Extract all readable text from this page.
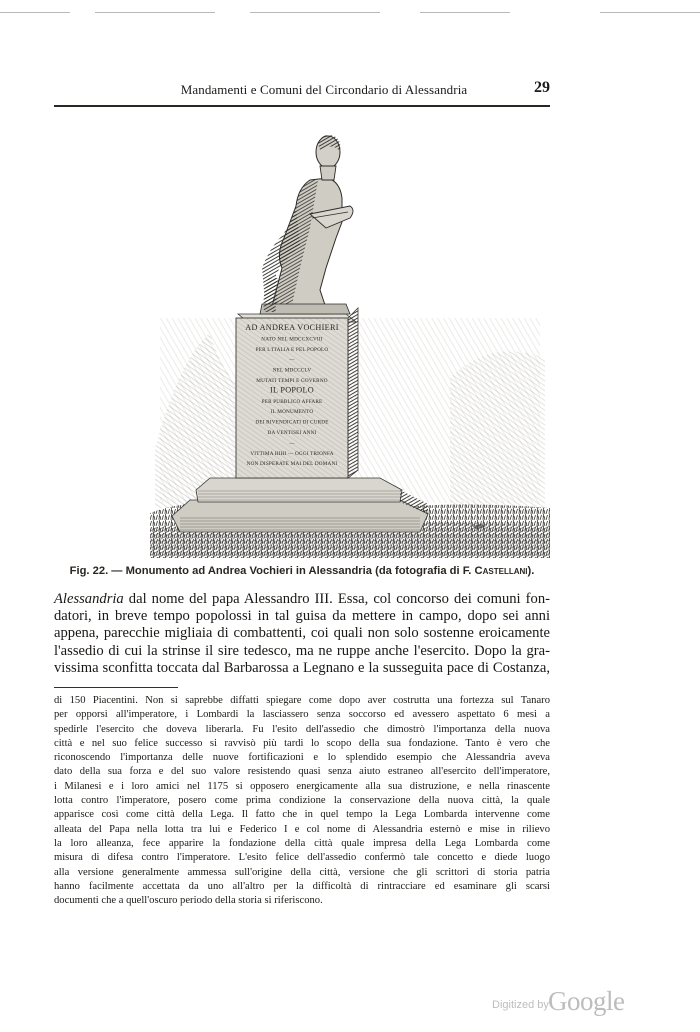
Mandamenti e Comuni del Circondario di Alessandria	29
AD ANDREA VOCHIERI
NATO NEL MDCCXCVIII
PER L'ITALIA E PEL POPOLO
—
NEL MDCCCLV
MUTATI TEMPI E GOVERNO
IL POPOLO
PER PUBBLICO AFFARE
IL MONUMENTO
DEI RIVENDICATI DI CURDE
DA VENTISEI ANNI
—
VITTIMA HIHI — OGGI TRIONFA
NON DISPERATE MAI DEL DOMANI
Fig. 22. — Monumento ad Andrea Vochieri in Alessandria (da fotografia di F. Castellani).
Alessandria dal nome del papa Alessandro III. Essa, col concorso dei comuni fon-
datori, in breve tempo popolossi in tal guisa da mettere in campo, dopo sei anni
appena, parecchie migliaia di combattenti, coi quali non solo sostenne eroicamente
l'assedio di cui la strinse il sire tedesco, ma ne ruppe anche l'esercito. Dopo la gra-
vissima sconfitta toccata dal Barbarossa a Legnano e la susseguita pace di Costanza,
di 150 Piacentini. Non si saprebbe diffatti spiegare come dopo aver costrutta una fortezza sul Tanaro
per opporsi all'imperatore, i Lombardi la lasciassero senza soccorso ed avessero aspettato 6 mesi a
spedirle l'esercito che doveva liberarla. Fu l'esito dell'assedio che dimostrò l'importanza della nuova
città e nel suo felice successo si ravvisò più tardi lo scopo della sua fondazione. Tanto è vero che
riconoscendo l'importanza delle nuove fortificazioni e lo splendido esempio che Alessandria aveva
dato della sua forza e del suo valore resistendo quasi senza aiuto estraneo all'esercito dell'imperatore,
i Milanesi e i loro amici nel 1175 si opposero energicamente alla sua distruzione, e nella rinascente
lotta contro l'imperatore, posero come prima condizione la conservazione della nuova città, la quale
apparisce così come città della Lega. Il fatto che in quel tempo la Lega Lombarda intervenne come
alleata del Papa nella lotta tra lui e Federico I e col nome di Alessandria esternò e mise in rilievo
la loro alleanza, fece apparire la fondazione della città quale impresa della Lega Lombarda come
misura di difesa contro l'imperatore. L'esito felice dell'assedio confermò tale concetto e diede luogo
alla versione generalmente ammessa sull'origine della città, versione che gli scrittori di storia patria
hanno facilmente accettata da uno all'altro per la difficoltà di rintracciare ed esaminare gli scarsi
documenti che a quell'oscuro periodo della storia si riferiscono.
Digitized by Google
